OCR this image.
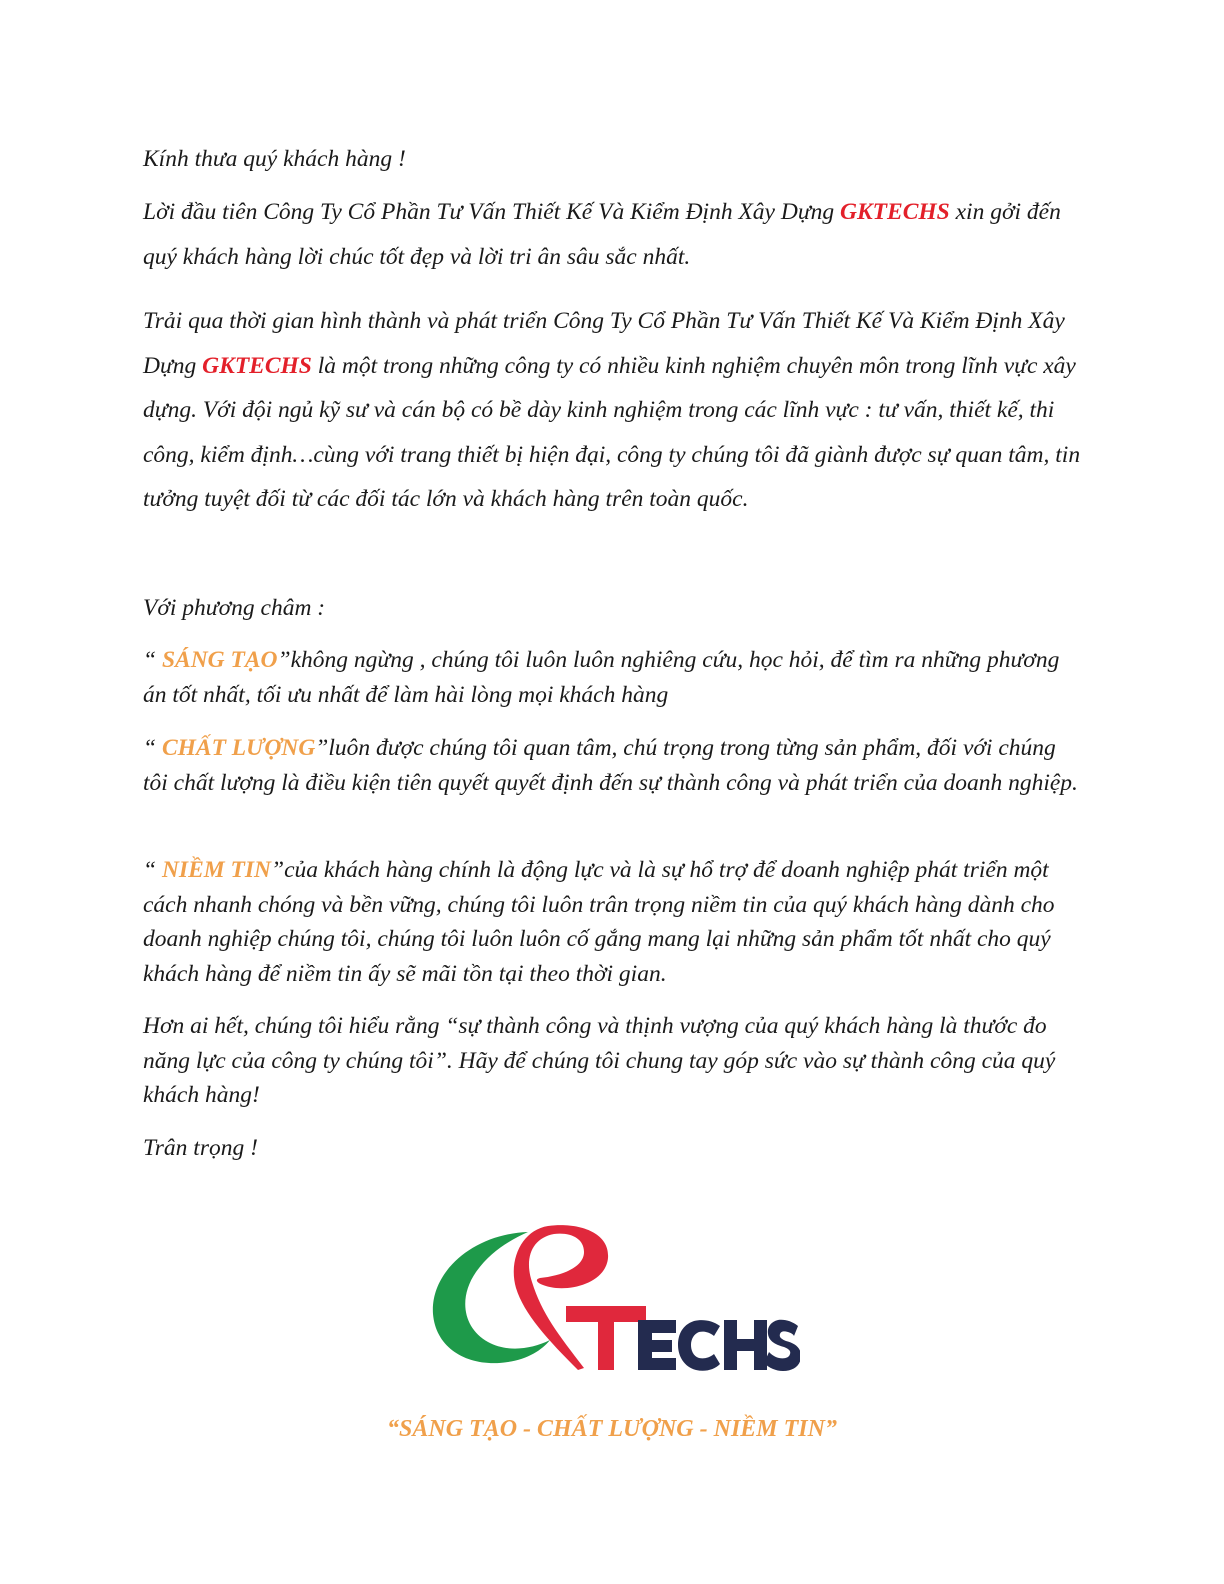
Kính thưa quý khách hàng !

Lời đầu tiên Công Ty Cổ Phần Tư Vấn Thiết Kế Và Kiểm Định Xây Dựng GKTECHS xin gởi đến quý khách hàng lời chúc tốt đẹp và lời tri ân sâu sắc nhất.

Trải qua thời gian hình thành và phát triển Công Ty Cổ Phần Tư Vấn Thiết Kế Và Kiểm Định Xây Dựng GKTECHS là một trong những công ty có nhiều kinh nghiệm chuyên môn trong lĩnh vực xây dựng. Với đội ngủ kỹ sư và cán bộ có bề dày kinh nghiệm trong các lĩnh vực : tư vấn, thiết kế, thi công, kiểm định…cùng với trang thiết bị hiện đại, công ty chúng tôi đã giành được sự quan tâm, tin tưởng tuyệt đối từ các đối tác lớn và khách hàng trên toàn quốc.

Với phương châm :

“ SÁNG TẠO”không ngừng , chúng tôi luôn luôn nghiêng cứu, học hỏi, để tìm ra những phương án tốt nhất, tối ưu nhất để làm hài lòng mọi khách hàng

“ CHẤT LƯỢNG”luôn được chúng tôi quan tâm, chú trọng trong từng sản phẩm, đối với chúng tôi chất lượng là điều kiện tiên quyết quyết định đến sự thành công và phát triển của doanh nghiệp.

“ NIỀM TIN”của khách hàng chính là động lực và là sự hổ trợ để doanh nghiệp phát triển một cách nhanh chóng và bền vững, chúng tôi luôn trân trọng niềm tin của quý khách hàng dành cho doanh nghiệp chúng tôi, chúng tôi luôn luôn cố gắng mang lại những sản phẩm tốt nhất cho quý khách hàng để niềm tin ấy sẽ mãi tồn tại theo thời gian.

Hơn ai hết, chúng tôi hiểu rằng “sự thành công và thịnh vượng của quý khách hàng là thước đo năng lực của công ty chúng tôi”. Hãy để chúng tôi chung tay góp sức vào sự thành công của quý khách hàng!

Trân trọng !

TECHS
“SÁNG TẠO - CHẤT LƯỢNG - NIỀM TIN”
